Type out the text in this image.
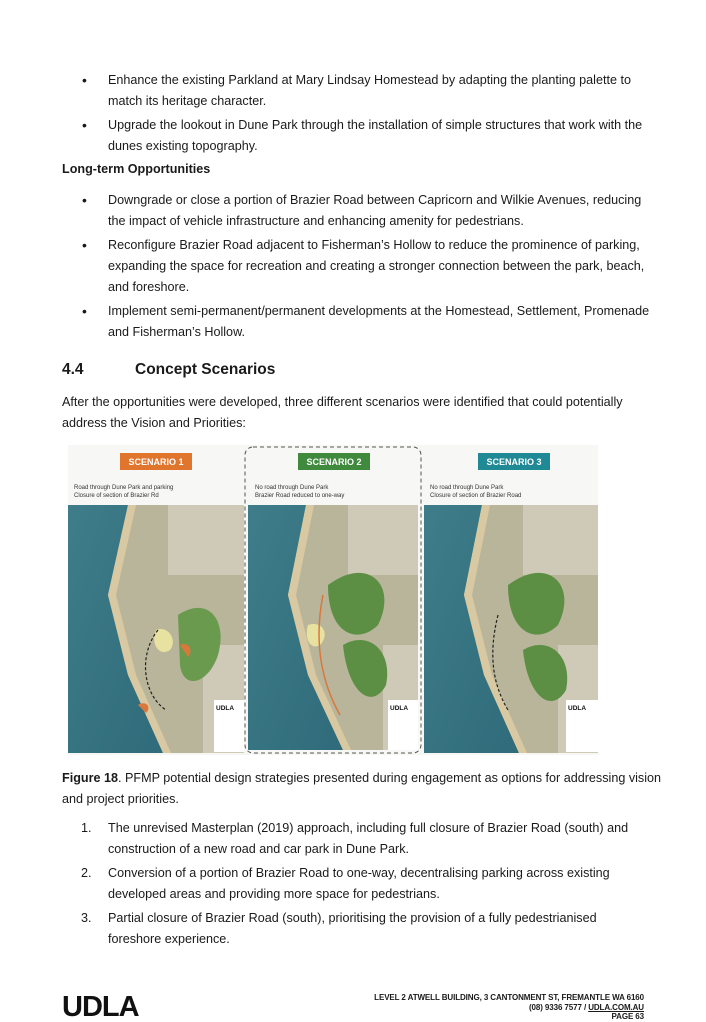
• Enhance the existing Parkland at Mary Lindsay Homestead by adapting the planting palette to match its heritage character.
• Upgrade the lookout in Dune Park through the installation of simple structures that work with the dunes existing topography.
Long-term Opportunities
• Downgrade or close a portion of Brazier Road between Capricorn and Wilkie Avenues, reducing the impact of vehicle infrastructure and enhancing amenity for pedestrians.
• Reconfigure Brazier Road adjacent to Fisherman’s Hollow to reduce the prominence of parking, expanding the space for recreation and creating a stronger connection between the park, beach, and foreshore.
• Implement semi-permanent/permanent developments at the Homestead, Settlement, Promenade and Fisherman’s Hollow.
4.4	Concept Scenarios
After the opportunities were developed, three different scenarios were identified that could potentially address the Vision and Priorities:
SCENARIO 1
Road through Dune Park and parking
Closure of section of Brazier Rd
UDLA
SCENARIO 2
No road through Dune Park
Brazier Road reduced to one-way
UDLA
SCENARIO 3
No road through Dune Park
Closure of section of Brazier Road
UDLA
Figure 18. PFMP potential design strategies presented during engagement as options for addressing vision and project priorities.
1. The unrevised Masterplan (2019) approach, including full closure of Brazier Road (south) and construction of a new road and car park in Dune Park.
2. Conversion of a portion of Brazier Road to one-way, decentralising parking across existing developed areas and providing more space for pedestrians.
3. Partial closure of Brazier Road (south), prioritising the provision of a fully pedestrianised foreshore experience.
UDLA	LEVEL 2 ATWELL BUILDING, 3 CANTONMENT ST, FREMANTLE WA 6160
(08) 9336 7577 / UDLA.COM.AU
PAGE 63
